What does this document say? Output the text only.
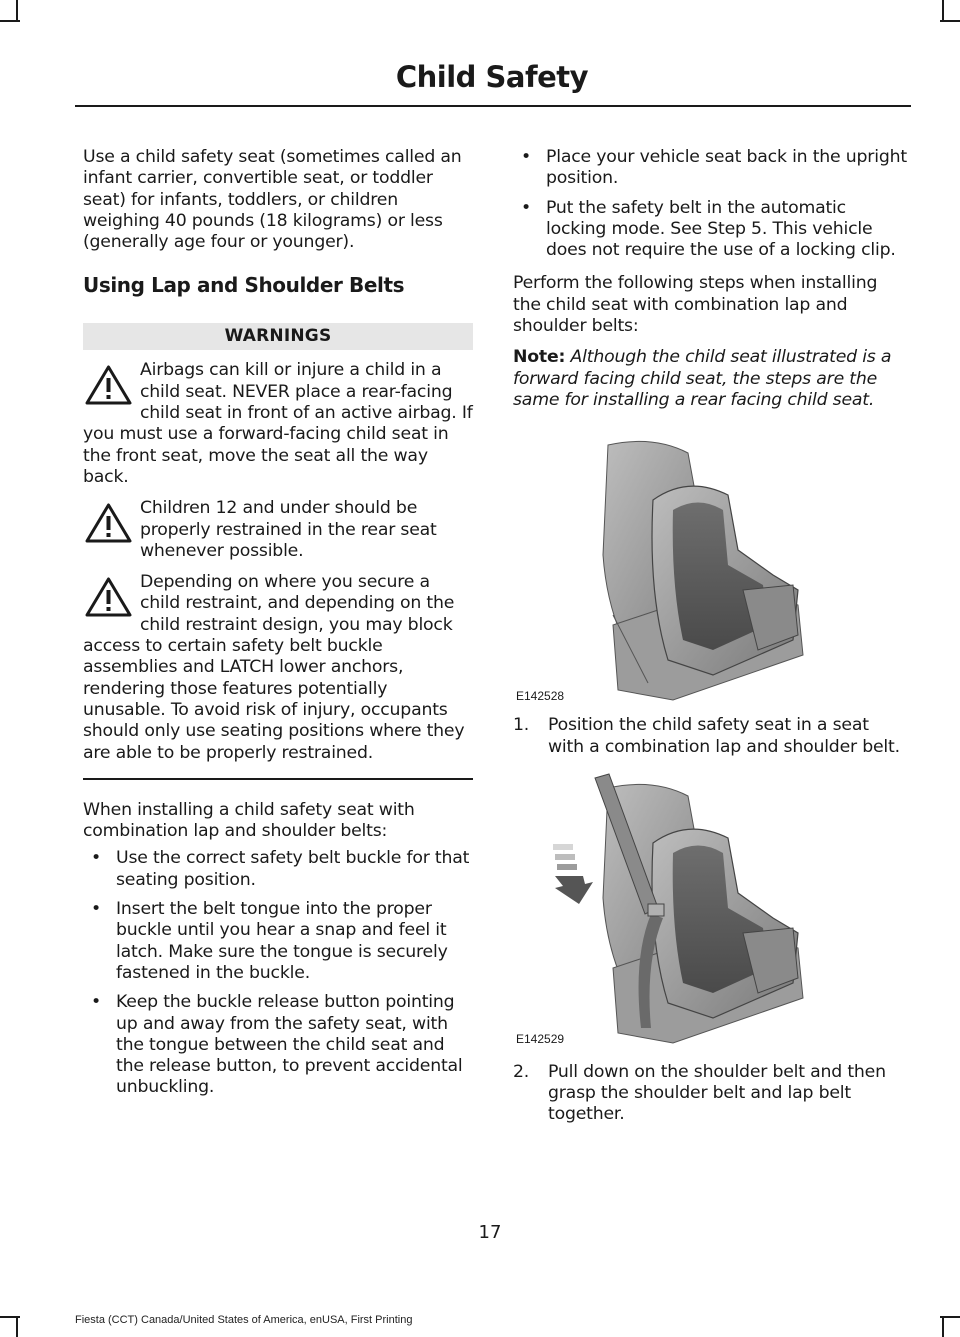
Child Safety

Use a child safety seat (sometimes called an infant carrier, convertible seat, or toddler seat) for infants, toddlers, or children weighing 40 pounds (18 kilograms) or less (generally age four or younger).

Using Lap and Shoulder Belts
WARNINGS

Airbags can kill or injure a child in a child seat. NEVER place a rear-facing child seat in front of an active airbag. If you must use a forward-facing child seat in the front seat, move the seat all the way back.

Children 12 and under should be properly restrained in the rear seat whenever possible.

Depending on where you secure a child restraint, and depending on the child restraint design, you may block access to certain safety belt buckle assemblies and LATCH lower anchors, rendering those features potentially unusable. To avoid risk of injury, occupants should only use seating positions where they are able to be properly restrained.

When installing a child safety seat with combination lap and shoulder belts:

• Use the correct safety belt buckle for that seating position.
• Insert the belt tongue into the proper buckle until you hear a snap and feel it latch. Make sure the tongue is securely fastened in the buckle.
• Keep the buckle release button pointing up and away from the safety seat, with the tongue between the child seat and the release button, to prevent accidental unbuckling.
• Place your vehicle seat back in the upright position.
• Put the safety belt in the automatic locking mode. See Step 5. This vehicle does not require the use of a locking clip.

Perform the following steps when installing the child seat with combination lap and shoulder belts:

Note: Although the child seat illustrated is a forward facing child seat, the steps are the same for installing a rear facing child seat.

E142528
1. Position the child safety seat in a seat with a combination lap and shoulder belt.
E142529
2. Pull down on the shoulder belt and then grasp the shoulder belt and lap belt together.
17
Fiesta (CCT) Canada/United States of America, enUSA, First Printing
